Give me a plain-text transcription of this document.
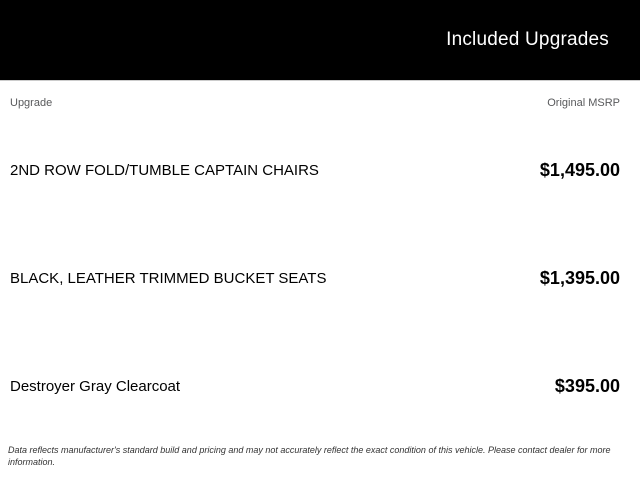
Included Upgrades
Upgrade	Original MSRP
2ND ROW FOLD/TUMBLE CAPTAIN CHAIRS	$1,495.00
BLACK, LEATHER TRIMMED BUCKET SEATS	$1,395.00
Destroyer Gray Clearcoat	$395.00
Data reflects manufacturer's standard build and pricing and may not accurately reflect the exact condition of this vehicle. Please contact dealer for more information.
